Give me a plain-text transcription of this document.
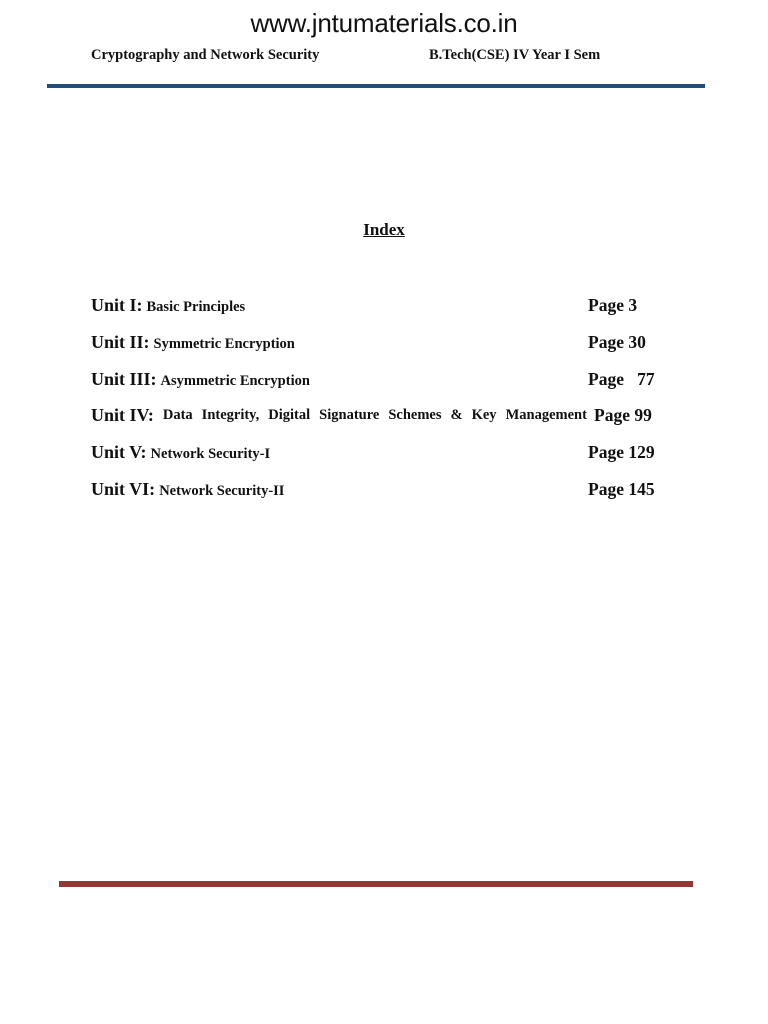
www.jntumaterials.co.in
Cryptography and Network Security	B.Tech(CSE) IV Year I Sem
Index
Unit I: Basic Principles	Page 3
Unit II: Symmetric Encryption	Page 30
Unit III: Asymmetric Encryption	Page   77
Unit IV: Data Integrity, Digital Signature Schemes & Key Management Page 99
Unit V: Network Security-I	Page 129
Unit VI: Network Security-II	Page 145
